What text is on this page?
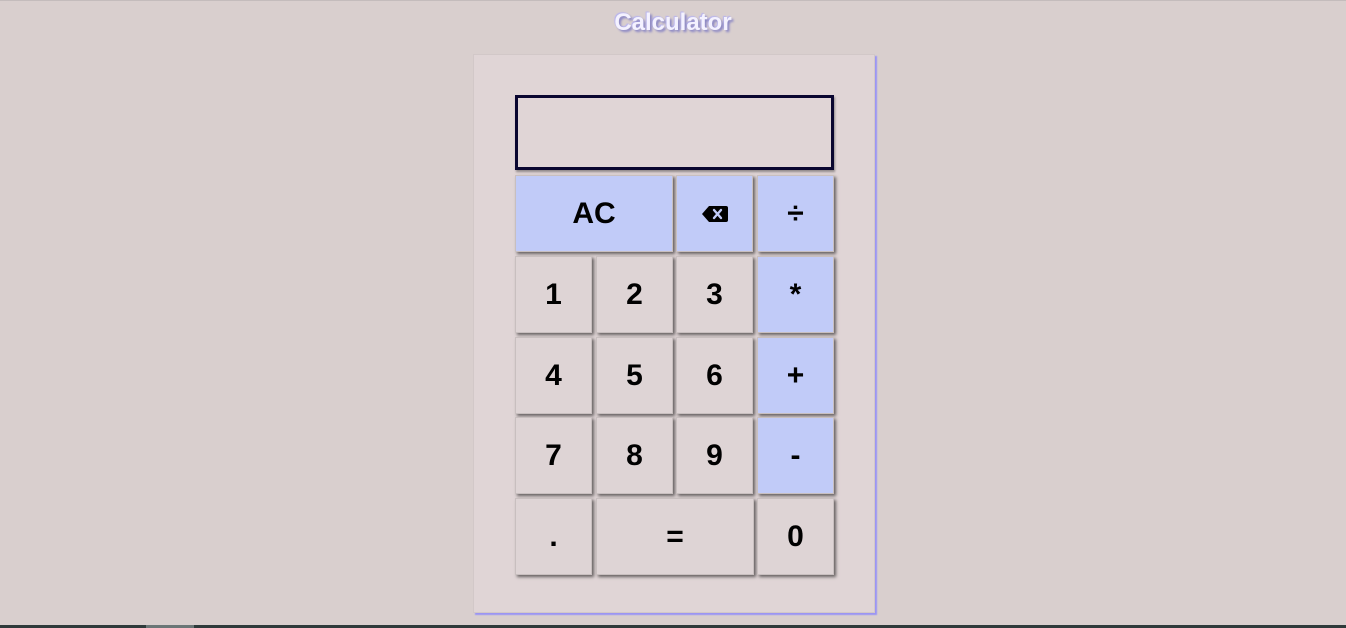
Calculator
AC	÷
1	2	3	*
4	5	6	+
7	8	9	-
.	=	0
